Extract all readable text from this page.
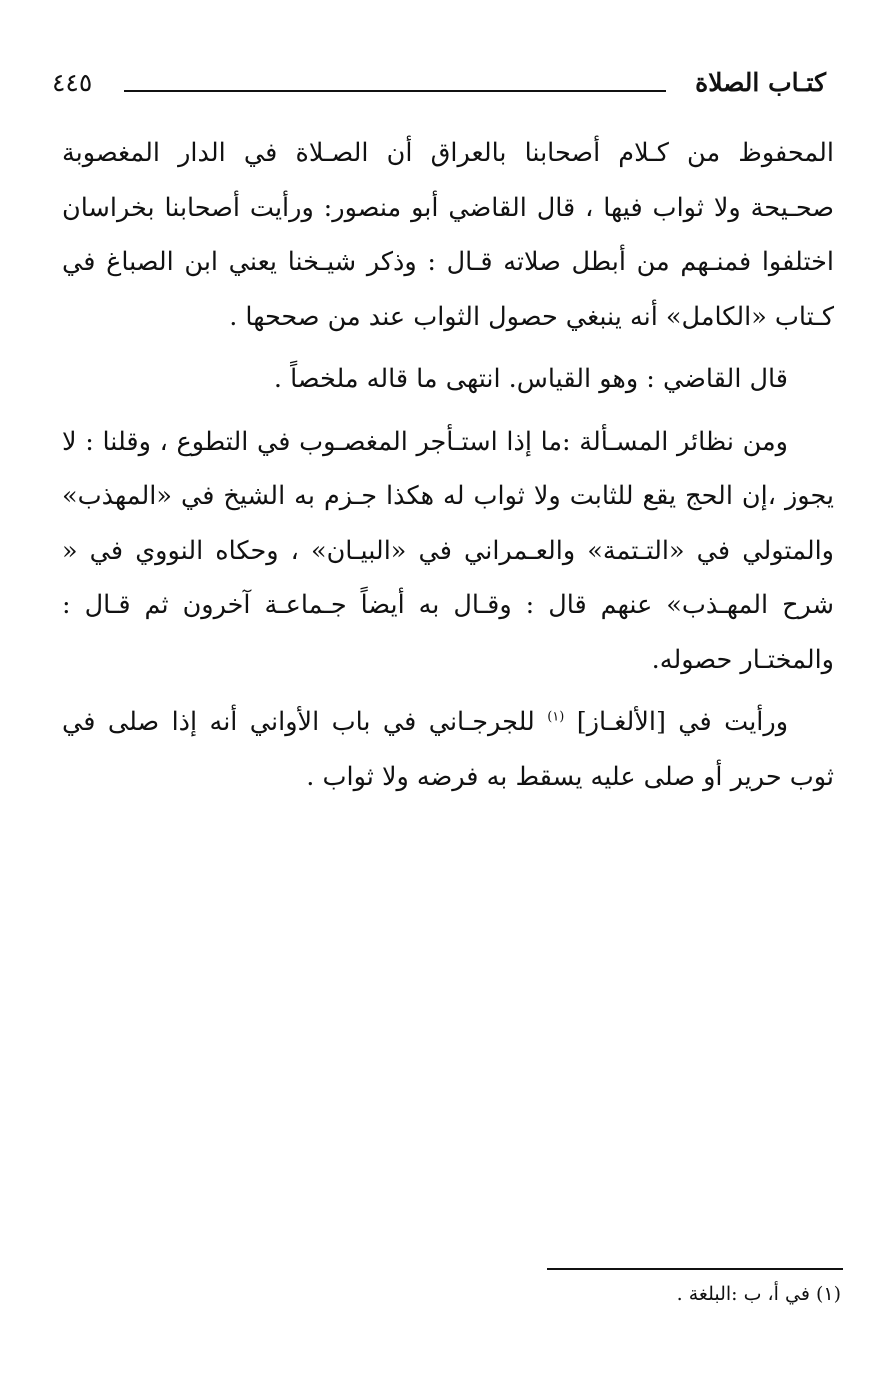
كتـاب الصلاة
٤٤٥

المحفوظ من كـلام أصحابنا بالعراق أن الصـلاة في الدار المغصوبة صحـيحة ولا ثواب فيها ، قال القاضي أبو منصور: ورأيت أصحابنا بخراسان اختلفوا فمنـهم من أبطل صلاته قـال : وذكر شيـخنا يعني ابن الصباغ في كـتاب «الكامل» أنه ينبغي حصول الثواب عند من صححها .

قال القاضي : وهو القياس. انتهى ما قاله ملخصاً .

ومن نظائر المسـألة :ما إذا استـأجر المغصـوب في التطوع ، وقلنا : لا يجوز ،إن الحج يقع للثابت ولا ثواب له هكذا جـزم به الشيخ في «المهذب» والمتولي في «التـتمة» والعـمراني في «البيـان» ، وحكاه النووي في « شرح المهـذب» عنهم قال : وقـال به أيضاً جـماعـة آخرون ثم قـال : والمختـار حصوله.

ورأيت في [الألغـاز] $^{(١)}$ للجرجـاني في باب الأواني أنه إذا صلى في ثوب حرير أو صلى عليه يسقط به فرضه ولا ثواب .

(١) في أ، ب :البلغة .
